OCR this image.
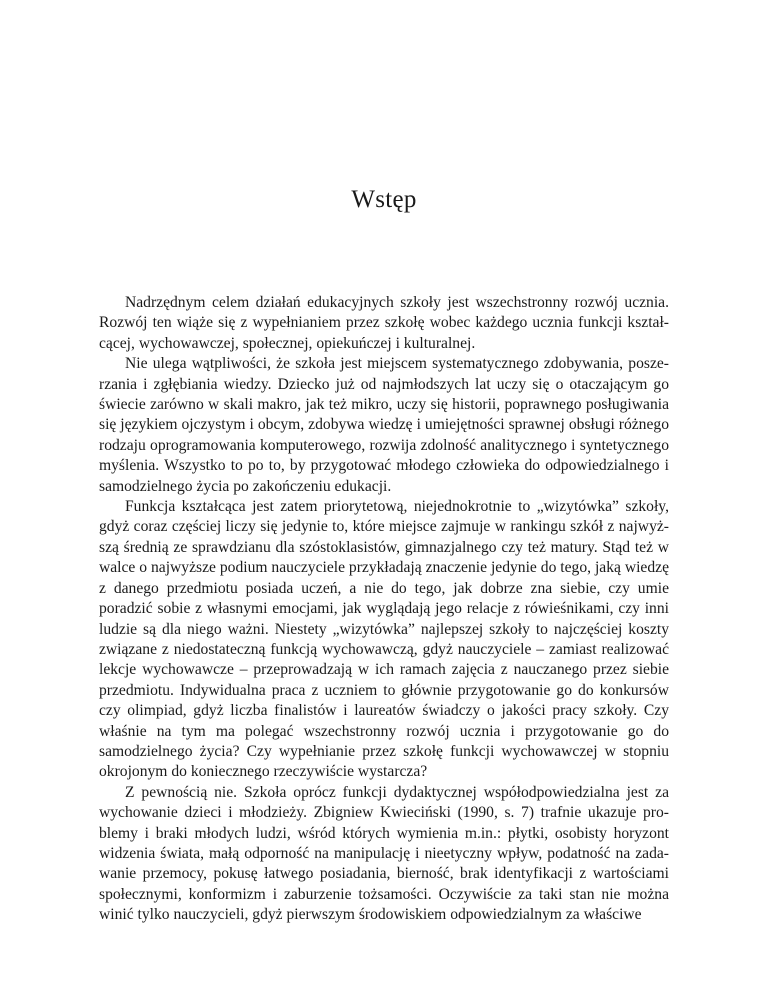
Wstęp

Nadrzędnym celem działań edukacyjnych szkoły jest wszechstronny rozwój ucznia. Rozwój ten wiąże się z wypełnianiem przez szkołę wobec każdego ucznia funkcji kształcącej, wychowawczej, społecznej, opiekuńczej i kulturalnej.

Nie ulega wątpliwości, że szkoła jest miejscem systematycznego zdobywania, poszerzania i zgłębiania wiedzy. Dziecko już od najmłodszych lat uczy się o otaczającym go świecie zarówno w skali makro, jak też mikro, uczy się historii, poprawnego posługiwania się językiem ojczystym i obcym, zdobywa wiedzę i umiejętności sprawnej obsługi różnego rodzaju oprogramowania komputerowego, rozwija zdolność analitycznego i syntetycznego myślenia. Wszystko to po to, by przygotować młodego człowieka do odpowiedzialnego i samodzielnego życia po zakończeniu edukacji.

Funkcja kształcąca jest zatem priorytetową, niejednokrotnie to „wizytówka” szkoły, gdyż coraz częściej liczy się jedynie to, które miejsce zajmuje w rankingu szkół z najwyższą średnią ze sprawdzianu dla szóstoklasistów, gimnazjalnego czy też matury. Stąd też w walce o najwyższe podium nauczyciele przykładają znaczenie jedynie do tego, jaką wiedzę z danego przedmiotu posiada uczeń, a nie do tego, jak dobrze zna siebie, czy umie poradzić sobie z własnymi emocjami, jak wyglądają jego relacje z rówieśnikami, czy inni ludzie są dla niego ważni. Niestety „wizytówka” najlepszej szkoły to najczęściej koszty związane z niedostateczną funkcją wychowawczą, gdyż nauczyciele – zamiast realizować lekcje wychowawcze – przeprowadzają w ich ramach zajęcia z nauczanego przez siebie przedmiotu. Indywidualna praca z uczniem to głównie przygotowanie go do konkursów czy olimpiad, gdyż liczba finalistów i laureatów świadczy o jakości pracy szkoły. Czy właśnie na tym ma polegać wszechstronny rozwój ucznia i przygotowanie go do samodzielnego życia? Czy wypełnianie przez szkołę funkcji wychowawczej w stopniu okrojonym do koniecznego rzeczywiście wystarcza?

Z pewnością nie. Szkoła oprócz funkcji dydaktycznej współodpowiedzialna jest za wychowanie dzieci i młodzieży. Zbigniew Kwieciński (1990, s. 7) trafnie ukazuje problemy i braki młodych ludzi, wśród których wymienia m.in.: płytki, osobisty horyzont widzenia świata, małą odporność na manipulację i nieetyczny wpływ, podatność na zadawanie przemocy, pokusę łatwego posiadania, bierność, brak identyfikacji z wartościami społecznymi, konformizm i zaburzenie tożsamości. Oczywiście za taki stan nie można winić tylko nauczycieli, gdyż pierwszym środowiskiem odpowiedzialnym za właściwe
